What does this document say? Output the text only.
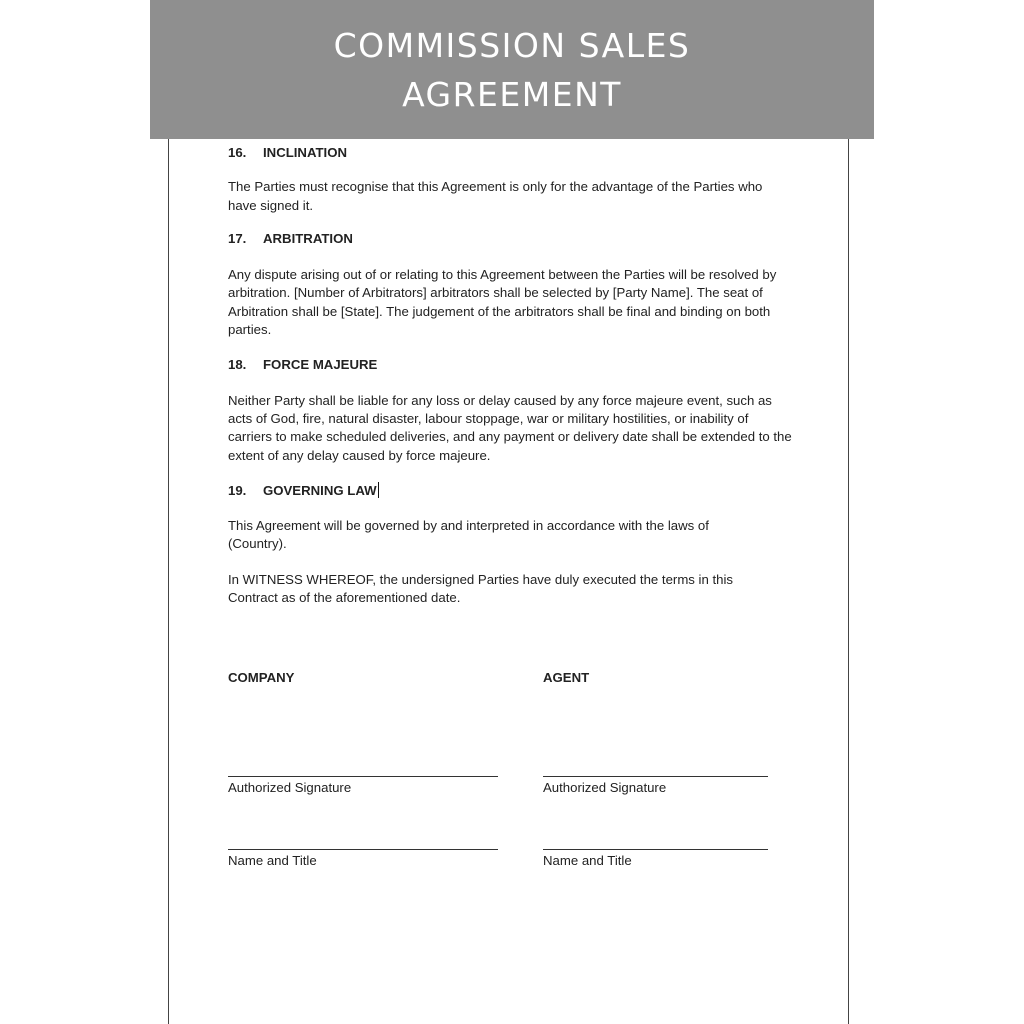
COMMISSION SALES
AGREEMENT
16.	INCLINATION

The Parties must recognise that this Agreement is only for the advantage of the Parties who have signed it.

17.	ARBITRATION

Any dispute arising out of or relating to this Agreement between the Parties will be resolved by arbitration. [Number of Arbitrators] arbitrators shall be selected by [Party Name]. The seat of Arbitration shall be [State]. The judgement of the arbitrators shall be final and binding on both parties.

18.	FORCE MAJEURE

Neither Party shall be liable for any loss or delay caused by any force majeure event, such as acts of God, fire, natural disaster, labour stoppage, war or military hostilities, or inability of carriers to make scheduled deliveries, and any payment or delivery date shall be extended to the extent of any delay caused by force majeure.

19.	GOVERNING LAW

This Agreement will be governed by and interpreted in accordance with the laws of (Country).

In WITNESS WHEREOF, the undersigned Parties have duly executed the terms in this Contract as of the aforementioned date.

COMPANY	AGENT
Authorized Signature	Authorized Signature
Name and Title	Name and Title
